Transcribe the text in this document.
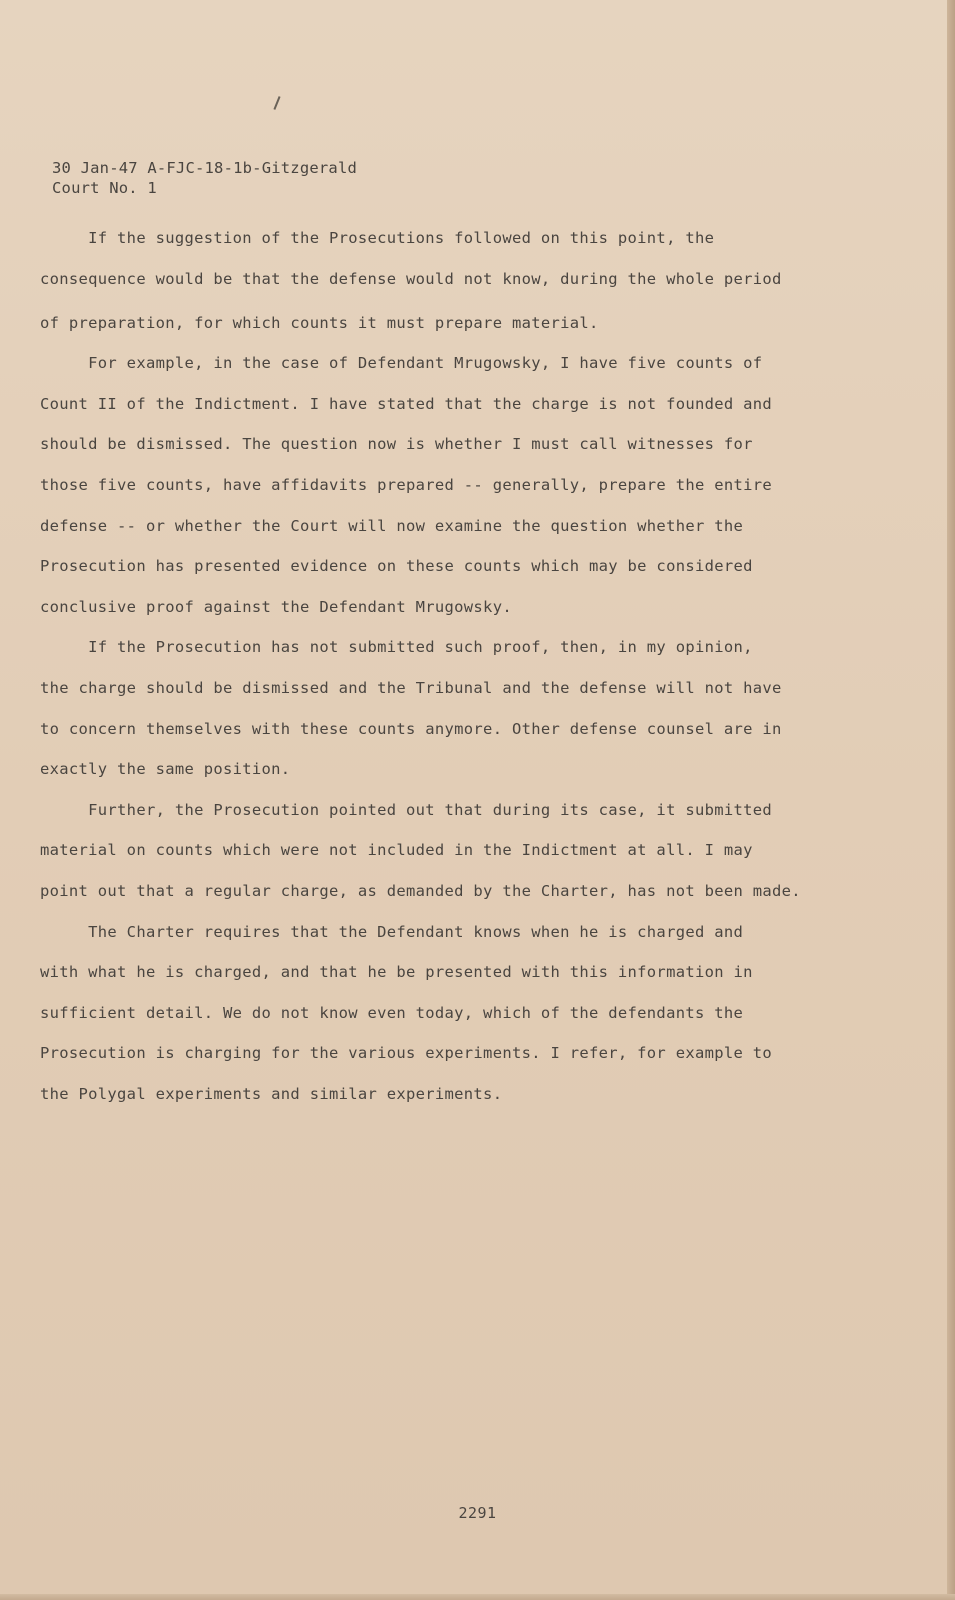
30 Jan-47 A-FJC-18-1b-Gitzgerald
Court No. 1
If the suggestion of the Prosecutions followed on this point, the
consequence would be that the defense would not know, during the whole period
of preparation, for which counts it must prepare material.
For example, in the case of Defendant Mrugowsky, I have five counts of
Count II of the Indictment. I have stated that the charge is not founded and
should be dismissed. The question now is whether I must call witnesses for
those five counts, have affidavits prepared -- generally, prepare the entire
defense -- or whether the Court will now examine the question whether the
Prosecution has presented evidence on these counts which may be considered
conclusive proof against the Defendant Mrugowsky.
If the Prosecution has not submitted such proof, then, in my opinion,
the charge should be dismissed and the Tribunal and the defense will not have
to concern themselves with these counts anymore. Other defense counsel are in
exactly the same position.
Further, the Prosecution pointed out that during its case, it submitted
material on counts which were not included in the Indictment at all. I may
point out that a regular charge, as demanded by the Charter, has not been made.
The Charter requires that the Defendant knows when he is charged and
with what he is charged, and that he be presented with this information in
sufficient detail. We do not know even today, which of the defendants the
Prosecution is charging for the various experiments. I refer, for example to
the Polygal experiments and similar experiments.
2291
